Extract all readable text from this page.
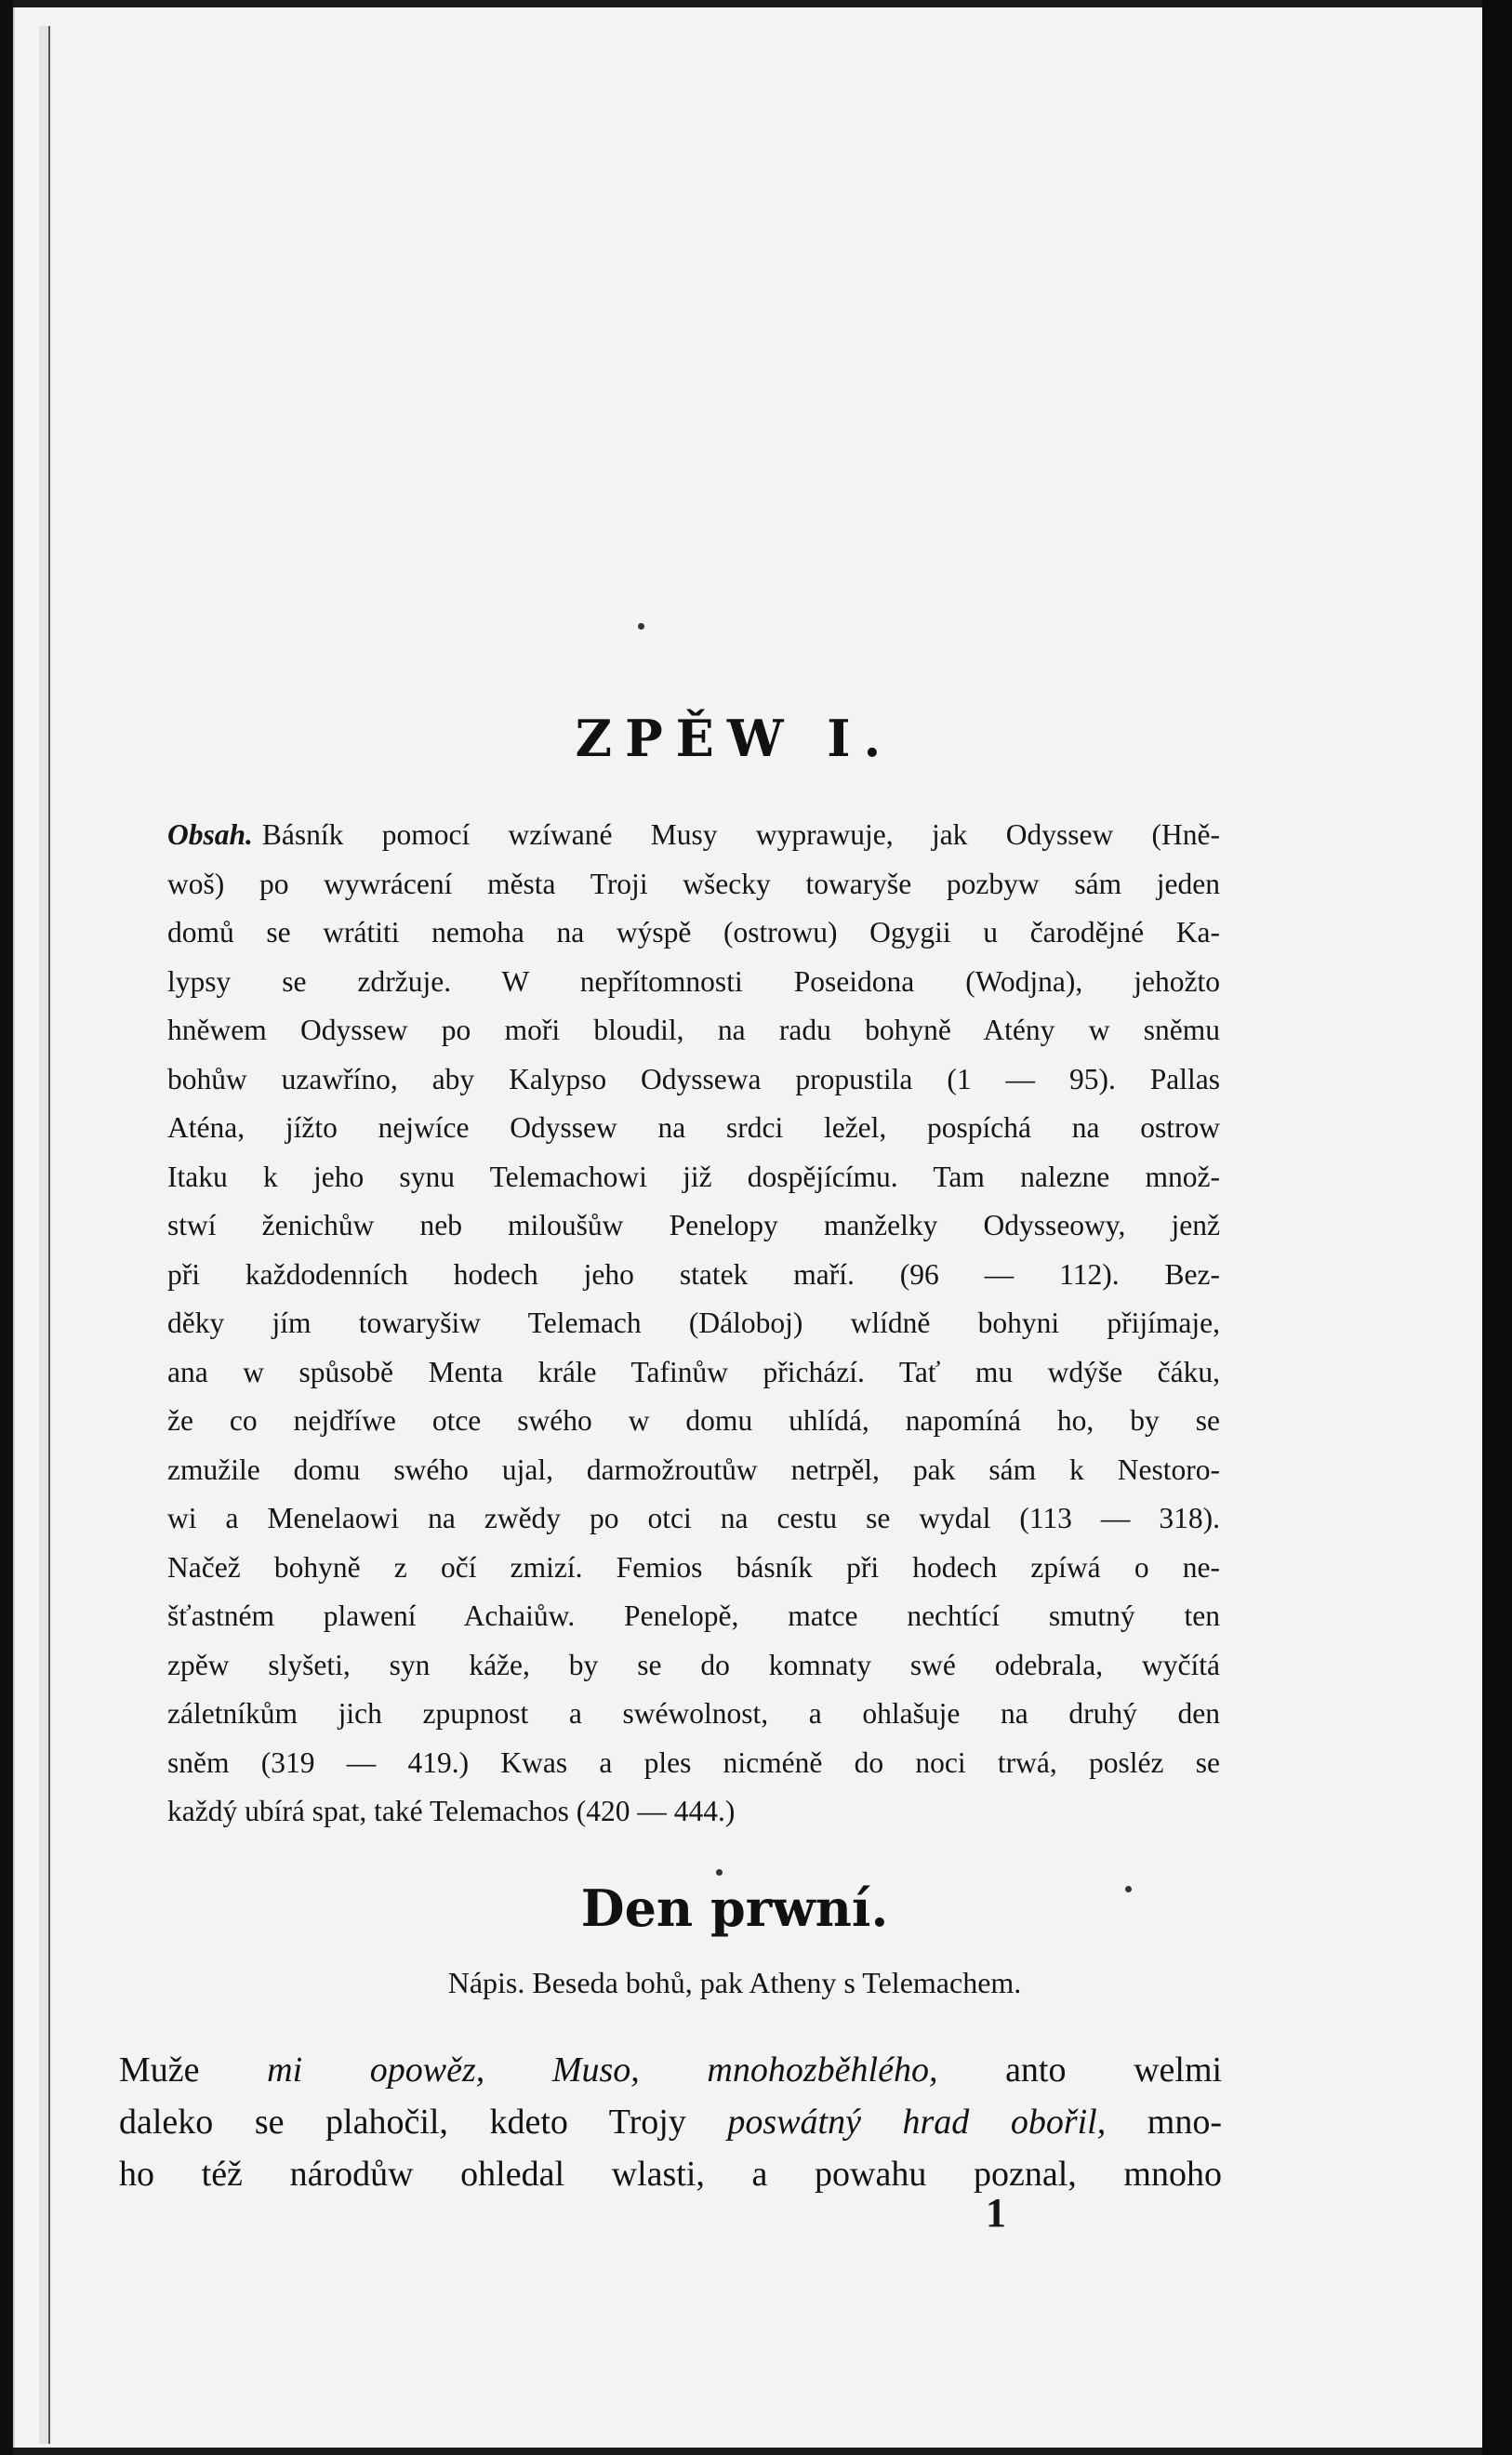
ZPĚW I.
Obsah. Básník pomocí wzíwané Musy wyprawuje, jak Odyssew (Hně-
woš) po wywrácení města Troji wšecky towaryše pozbyw sám jeden
domů se wrátiti nemoha na wýspě (ostrowu) Ogygii u čarodějné Ka-
lypsy se zdržuje. W nepřítomnosti Poseidona (Wodjna), jehožto
hněwem Odyssew po moři bloudil, na radu bohyně Atény w sněmu
bohůw uzawříno, aby Kalypso Odyssewa propustila (1 — 95). Pallas
Aténa, jížto nejwíce Odyssew na srdci ležel, pospíchá na ostrow
Itaku k jeho synu Telemachowi již dospějícímu. Tam nalezne množ-
stwí ženichůw neb miloušůw Penelopy manželky Odysseowy, jenž
při každodenních hodech jeho statek maří. (96 — 112). Bez-
děky jím towaryšiw Telemach (Dáloboj) wlídně bohyni přijímaje,
ana w spůsobě Menta krále Tafinůw přichází. Tať mu wdýše čáku,
že co nejdříwe otce swého w domu uhlídá, napomíná ho, by se
zmužile domu swého ujal, darmožroutůw netrpěl, pak sám k Nestoro-
wi a Menelaowi na zwědy po otci na cestu se wydal (113 — 318).
Načež bohyně z očí zmizí. Femios básník při hodech zpíwá o ne-
šťastném plawení Achaiůw. Penelopě, matce nechtící smutný ten
zpěw slyšeti, syn káže, by se do komnaty swé odebrala, wyčítá
záletníkům jich zpupnost a swéwolnost, a ohlašuje na druhý den
sněm (319 — 419.) Kwas a ples nicméně do noci trwá, posléz se
každý ubírá spat, také Telemachos (420 — 444.)
Den prwní.
Nápis. Beseda bohů, pak Atheny s Telemachem.
Muže mi opowěz, Muso, mnohozběhlého, anto welmi
daleko se plahočil, kdeto Trojy poswátný hrad obořil, mno-
ho též národůw ohledal wlasti, a powahu poznal, mnoho
1
